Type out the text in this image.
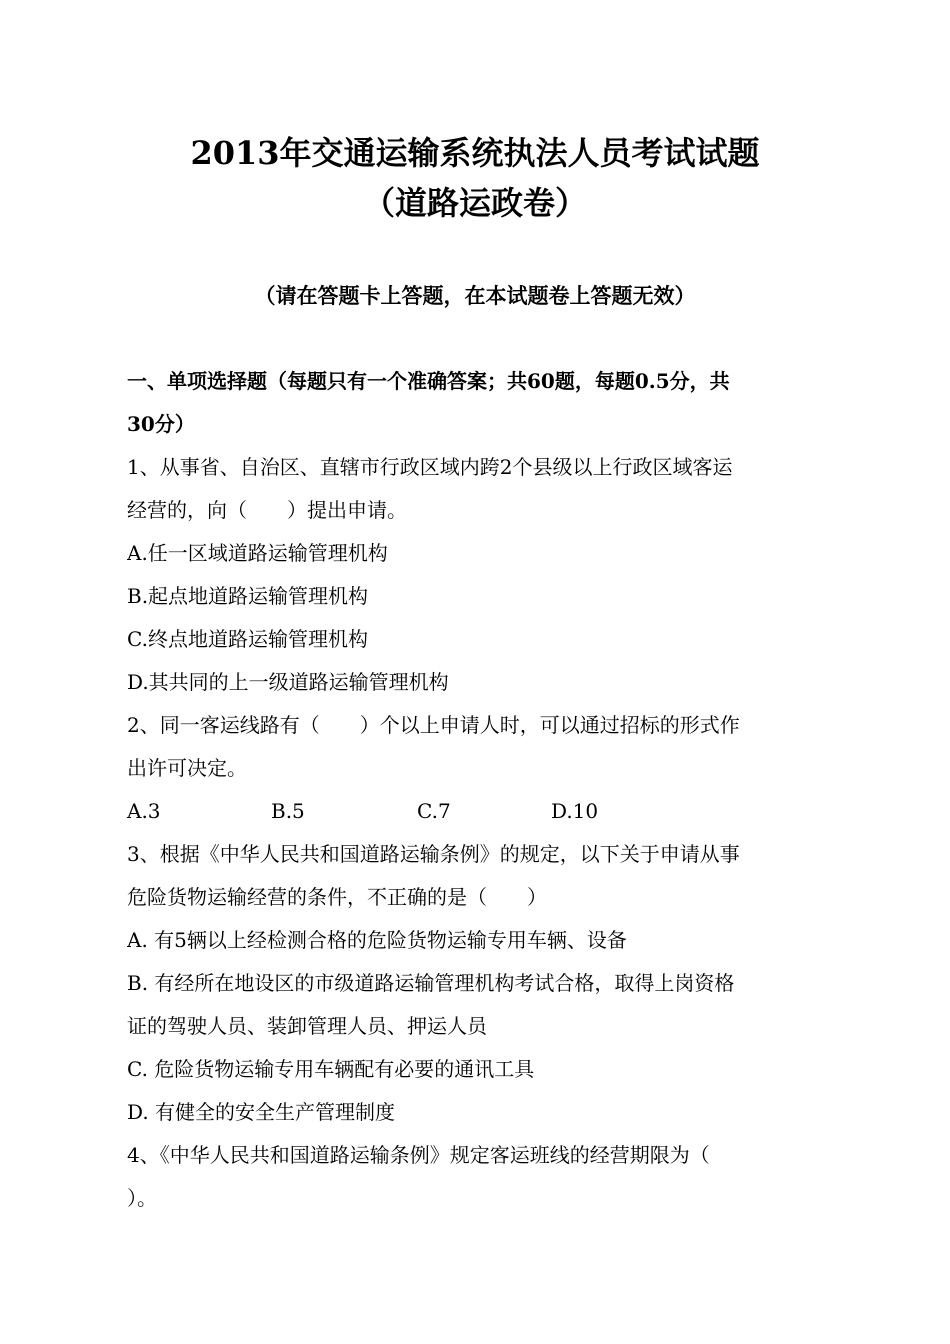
2013年交通运输系统执法人员考试试题
（道路运政卷）
（请在答题卡上答题，在本试题卷上答题无效）
一、单项选择题（每题只有一个准确答案；共60题，每题0.5分，共
30分）
1、从事省、自治区、直辖市行政区域内跨2个县级以上行政区域客运
经营的，向（　　）提出申请。
A.任一区域道路运输管理机构
B.起点地道路运输管理机构
C.终点地道路运输管理机构
D.其共同的上一级道路运输管理机构
2、同一客运线路有（　　）个以上申请人时，可以通过招标的形式作
出许可决定。
A.3	B.5	C.7	D.10
3、根据《中华人民共和国道路运输条例》的规定，以下关于申请从事
危险货物运输经营的条件，不正确的是（　　）
A. 有5辆以上经检测合格的危险货物运输专用车辆、设备
B. 有经所在地设区的市级道路运输管理机构考试合格，取得上岗资格
证的驾驶人员、装卸管理人员、押运人员
C. 危险货物运输专用车辆配有必要的通讯工具
D. 有健全的安全生产管理制度
4、《中华人民共和国道路运输条例》规定客运班线的经营期限为（
）。
